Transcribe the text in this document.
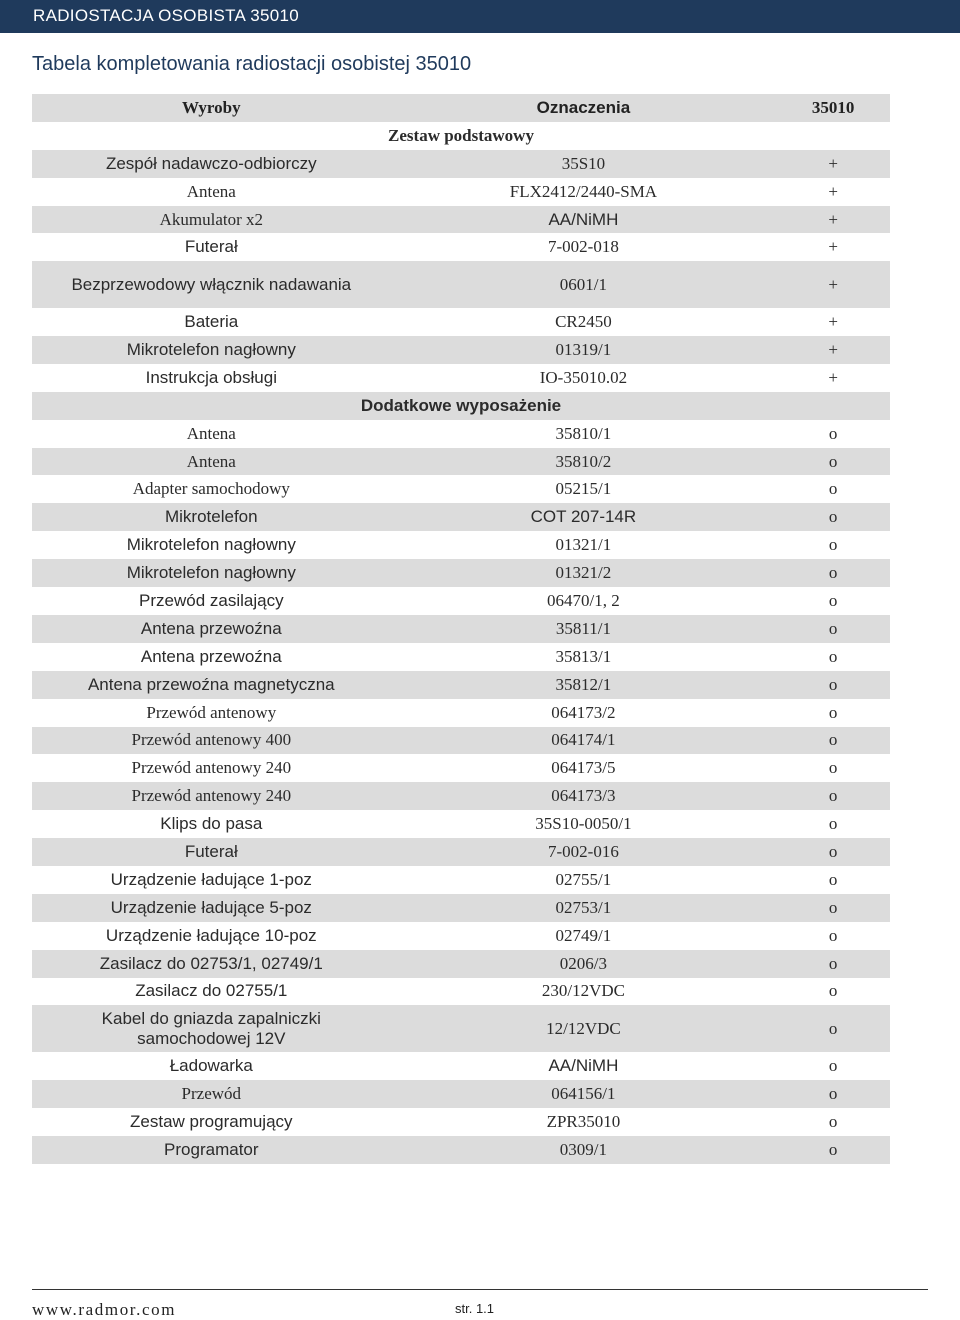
RADIOSTACJA OSOBISTA 35010
Tabela kompletowania radiostacji osobistej 35010
Wyroby	Oznaczenia	35010
Zestaw podstawowy		
Zespół nadawczo-odbiorczy	35S10	+
Antena	FLX2412/2440-SMA	+
Akumulator x2	AA/NiMH	+
Futerał	7-002-018	+
Bezprzewodowy włącznik nadawania	0601/1	+
Bateria	CR2450	+
Mikrotelefon nagłowny	01319/1	+
Instrukcja obsługi	IO-35010.02	+
Dodatkowe wyposażenie		
Antena	35810/1	o
Antena	35810/2	o
Adapter samochodowy	05215/1	o
Mikrotelefon	COT 207-14R	o
Mikrotelefon nagłowny	01321/1	o
Mikrotelefon nagłowny	01321/2	o
Przewód zasilający	06470/1, 2	o
Antena przewoźna	35811/1	o
Antena przewoźna	35813/1	o
Antena przewoźna magnetyczna	35812/1	o
Przewód antenowy	064173/2	o
Przewód antenowy 400	064174/1	o
Przewód antenowy 240	064173/5	o
Przewód antenowy 240	064173/3	o
Klips do pasa	35S10-0050/1	o
Futerał	7-002-016	o
Urządzenie ładujące 1-poz	02755/1	o
Urządzenie ładujące 5-poz	02753/1	o
Urządzenie ładujące 10-poz	02749/1	o
Zasilacz do 02753/1, 02749/1	0206/3	o
Zasilacz do 02755/1	230/12VDC	o
Kabel do gniazda zapalniczki samochodowej 12V	12/12VDC	o
Ładowarka	AA/NiMH	o
Przewód	064156/1	o
Zestaw programujący	ZPR35010	o
Programator	0309/1	o
www.radmor.com	str. 1.1
